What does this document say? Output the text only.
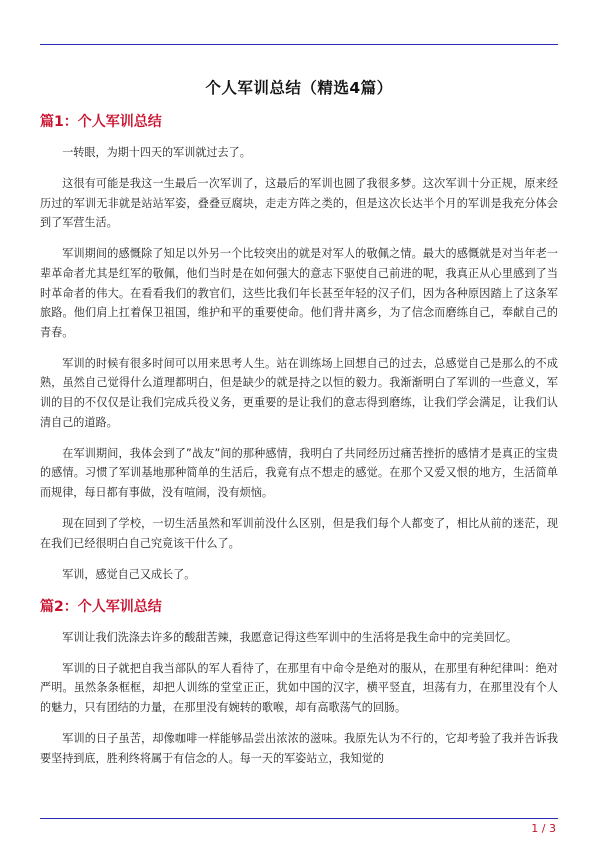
个人军训总结（精选4篇）
篇1：个人军训总结

一转眼，为期十四天的军训就过去了。

这很有可能是我这一生最后一次军训了，这最后的军训也圆了我很多梦。这次军训十分正规，原来经历过的军训无非就是站站军姿，叠叠豆腐块，走走方阵之类的，但是这次长达半个月的军训是我充分体会到了军营生活。

军训期间的感慨除了知足以外另一个比较突出的就是对军人的敬佩之情。最大的感慨就是对当年老一辈革命者尤其是红军的敬佩，他们当时是在如何强大的意志下驱使自己前进的呢，我真正从心里感到了当时革命者的伟大。在看看我们的教官们，这些比我们年长甚至年轻的汉子们，因为各种原因踏上了这条军旅路。他们肩上扛着保卫祖国，维护和平的重要使命。他们背井离乡，为了信念而磨练自己，奉献自己的青春。

军训的时候有很多时间可以用来思考人生。站在训练场上回想自己的过去，总感觉自己是那么的不成熟，虽然自己觉得什么道理都明白，但是缺少的就是持之以恒的毅力。我渐渐明白了军训的一些意义，军训的目的不仅仅是让我们完成兵役义务，更重要的是让我们的意志得到磨练，让我们学会满足，让我们认清自己的道路。

在军训期间，我体会到了”战友”间的那种感情，我明白了共同经历过痛苦挫折的感情才是真正的宝贵的感情。习惯了军训基地那种简单的生活后，我竟有点不想走的感觉。在那个又爱又恨的地方，生活简单而规律，每日都有事做，没有喧闹，没有烦恼。

现在回到了学校，一切生活虽然和军训前没什么区别，但是我们每个人都变了，相比从前的迷茫，现在我们已经很明白自己究竟该干什么了。

军训，感觉自己又成长了。

篇2：个人军训总结

军训让我们洗涤去许多的酸甜苦辣，我愿意记得这些军训中的生活将是我生命中的完美回忆。

军训的日子就把自我当部队的军人看待了，在那里有中命令是绝对的服从，在那里有种纪律叫：绝对严明。虽然条条框框，却把人训练的堂堂正正，犹如中国的汉字，横平竖直，坦荡有力，在那里没有个人的魅力，只有团结的力量，在那里没有婉转的歌喉，却有高歌荡气的回肠。

军训的日子虽苦，却像咖啡一样能够品尝出浓浓的滋味。我原先认为不行的，它却考验了我并告诉我要坚持到底，胜利终将属于有信念的人。每一天的军姿站立，我知觉的

1 / 3
